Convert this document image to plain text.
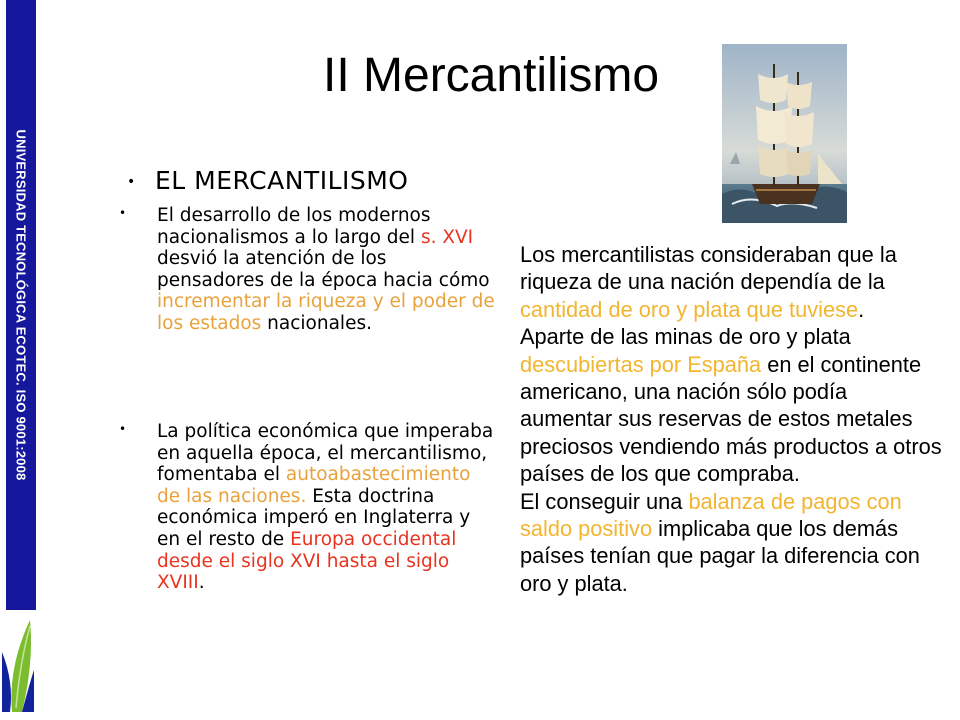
UNIVERSIDAD TECNOLÓGICA ECOTEC. ISO 9001:2008
II Mercantilismo
• EL MERCANTILISMO
• El desarrollo de los modernos nacionalismos a lo largo del s. XVI desvió la atención de los pensadores de la época hacia cómo incrementar la riqueza y el poder de los estados nacionales.
• La política económica que imperaba en aquella época, el mercantilismo, fomentaba el autoabastecimiento de las naciones. Esta doctrina económica imperó en Inglaterra y en el resto de Europa occidental desde el siglo XVI hasta el siglo XVIII.

Los mercantilistas consideraban que la riqueza de una nación dependía de la cantidad de oro y plata que tuviese.

Aparte de las minas de oro y plata descubiertas por España en el continente americano, una nación sólo podía aumentar sus reservas de estos metales preciosos vendiendo más productos a otros países de los que compraba.

El conseguir una balanza de pagos con saldo positivo implicaba que los demás países tenían que pagar la diferencia con oro y plata.
